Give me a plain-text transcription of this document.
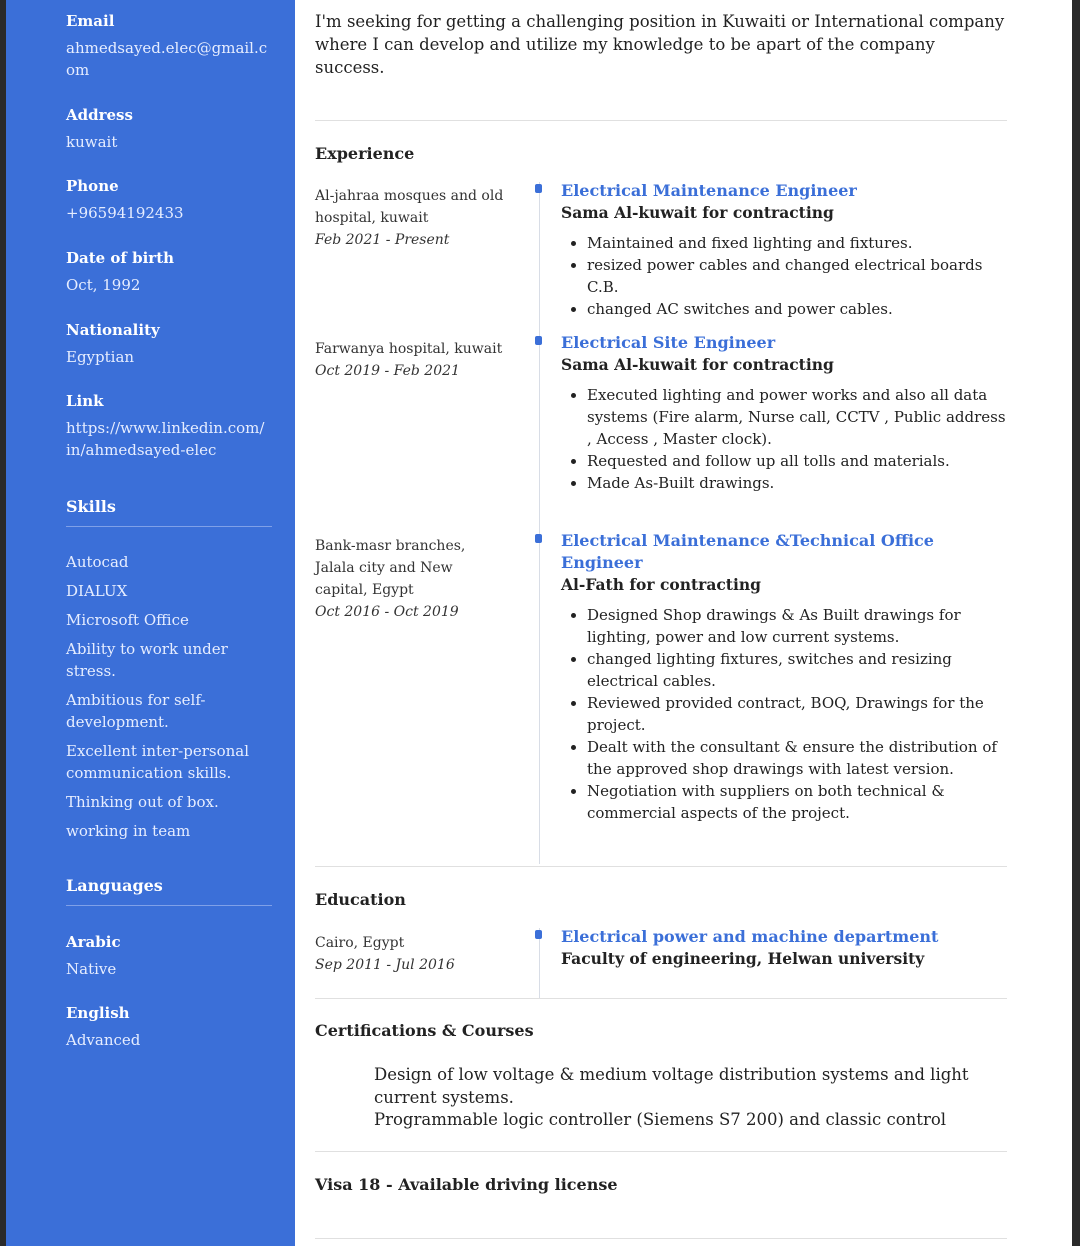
Email
ahmedsayed.elec@gmail.com
Address
kuwait
Phone
+96594192433
Date of birth
Oct, 1992
Nationality
Egyptian
Link
https://www.linkedin.com/in/ahmedsayed-elec
Skills
Autocad
DIALUX
Microsoft Office
Ability to work under stress.
Ambitious for self-development.
Excellent inter-personal communication skills.
Thinking out of box.
working in team
Languages
Arabic
Native
English
Advanced
I'm seeking for getting a challenging position in Kuwaiti or International company where I can develop and utilize my knowledge to be apart of the company success.
Experience
Al-jahraa mosques and old hospital, kuwait
Feb 2021 - Present
Electrical Maintenance Engineer
Sama Al-kuwait for contracting
• Maintained and fixed lighting and fixtures.
• resized power cables and changed electrical boards C.B.
• changed AC switches and power cables.
Farwanya hospital, kuwait
Oct 2019 - Feb 2021
Electrical Site Engineer
Sama Al-kuwait for contracting
• Executed lighting and power works and also all data systems (Fire alarm, Nurse call, CCTV , Public address , Access , Master clock).
• Requested and follow up all tolls and materials.
• Made As-Built drawings.
Bank-masr branches, Jalala city and New capital, Egypt
Oct 2016 - Oct 2019
Electrical Maintenance &Technical Office Engineer
Al-Fath for contracting
• Designed Shop drawings & As Built drawings for lighting, power and low current systems.
• changed lighting fixtures, switches and resizing electrical cables.
• Reviewed provided contract, BOQ, Drawings for the project.
• Dealt with the consultant & ensure the distribution of the approved shop drawings with latest version.
• Negotiation with suppliers on both technical & commercial aspects of the project.
Education
Cairo, Egypt
Sep 2011 - Jul 2016
Electrical power and machine department
Faculty of engineering, Helwan university
Certifications & Courses
Design of low voltage & medium voltage distribution systems and light current systems.
Programmable logic controller (Siemens S7 200) and classic control
Visa 18 - Available driving license
